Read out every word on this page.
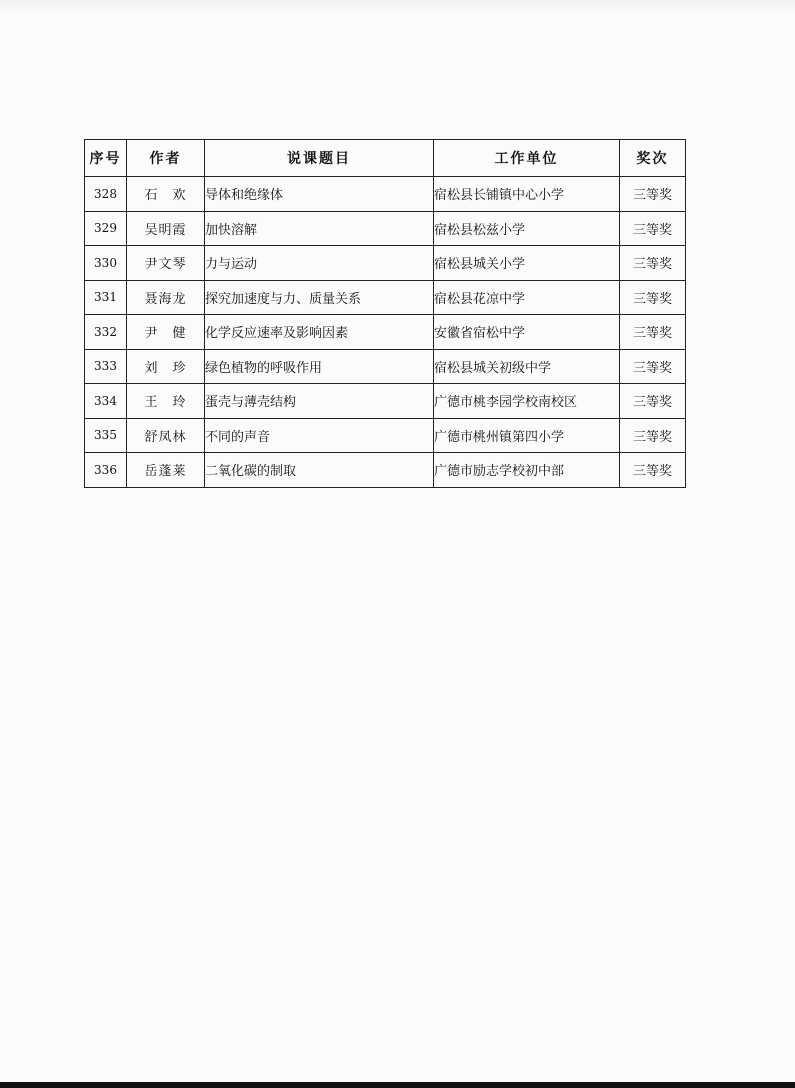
序号	作者	说课题目	工作单位	奖次
328	石　欢	导体和绝缘体	宿松县长铺镇中心小学	三等奖
329	吴明霞	加快溶解	宿松县松兹小学	三等奖
330	尹文琴	力与运动	宿松县城关小学	三等奖
331	聂海龙	探究加速度与力、质量关系	宿松县花凉中学	三等奖
332	尹　健	化学反应速率及影响因素	安徽省宿松中学	三等奖
333	刘　珍	绿色植物的呼吸作用	宿松县城关初级中学	三等奖
334	王　玲	蛋壳与薄壳结构	广德市桃李园学校南校区	三等奖
335	舒凤林	不同的声音	广德市桃州镇第四小学	三等奖
336	岳蓬莱	二氧化碳的制取	广德市励志学校初中部	三等奖
